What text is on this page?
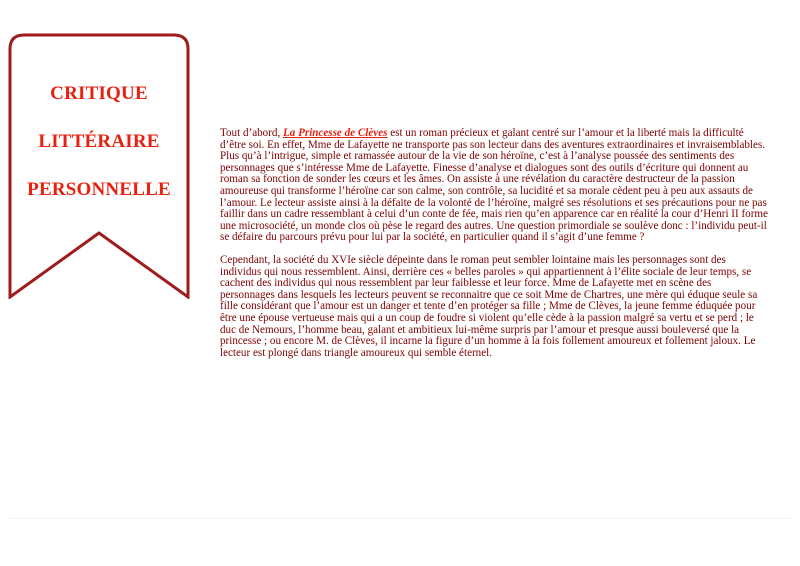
CRITIQUE
LITTÉRAIRE
PERSONNELLE

Tout d’abord, La Princesse de Clèves est un roman précieux et galant centré sur l’amour et la liberté mais la difficulté d’être soi. En effet, Mme de Lafayette ne transporte pas son lecteur dans des aventures extraordinaires et invraisemblables. Plus qu’à l’intrigue, simple et ramassée autour de la vie de son héroïne, c’est à l’analyse poussée des sentiments des personnages que s’intéresse Mme de Lafayette. Finesse d’analyse et dialogues sont des outils d’écriture qui donnent au roman sa fonction de sonder les cœurs et les âmes. On assiste à une révélation du caractère destructeur de la passion amoureuse qui transforme l’héroïne car son calme, son contrôle, sa lucidité et sa morale cèdent peu à peu aux assauts de l’amour. Le lecteur assiste ainsi à la défaite de la volonté de l’héroïne, malgré ses résolutions et ses précautions pour ne pas faillir dans un cadre ressemblant à celui d’un conte de fée, mais rien qu’en apparence car en réalité la cour d’Henri II forme une microsociété, un monde clos où pèse le regard des autres. Une question primordiale se soulève donc : l’individu peut-il se défaire du parcours prévu pour lui par la société, en particulier quand il s’agit d’une femme ?

Cependant, la société du XVIe siècle dépeinte dans le roman peut sembler lointaine mais les personnages sont des individus qui nous ressemblent. Ainsi, derrière ces « belles paroles » qui appartiennent à l’élite sociale de leur temps, se cachent des individus qui nous ressemblent par leur faiblesse et leur force. Mme de Lafayette met en scène des personnages dans lesquels les lecteurs peuvent se reconnaitre que ce soit Mme de Chartres, une mère qui éduque seule sa fille considérant que l’amour est un danger et tente d’en protéger sa fille ; Mme de Clèves, la jeune femme éduquée pour être une épouse vertueuse mais qui a un coup de foudre si violent qu’elle cède à la passion malgré sa vertu et se perd ; le duc de Nemours, l’homme beau, galant et ambitieux lui-même surpris par l’amour et presque aussi bouleversé que la princesse ; ou encore M. de Clèves, il incarne la figure d’un homme à la fois follement amoureux et follement jaloux. Le lecteur est plongé dans triangle amoureux qui semble éternel.
